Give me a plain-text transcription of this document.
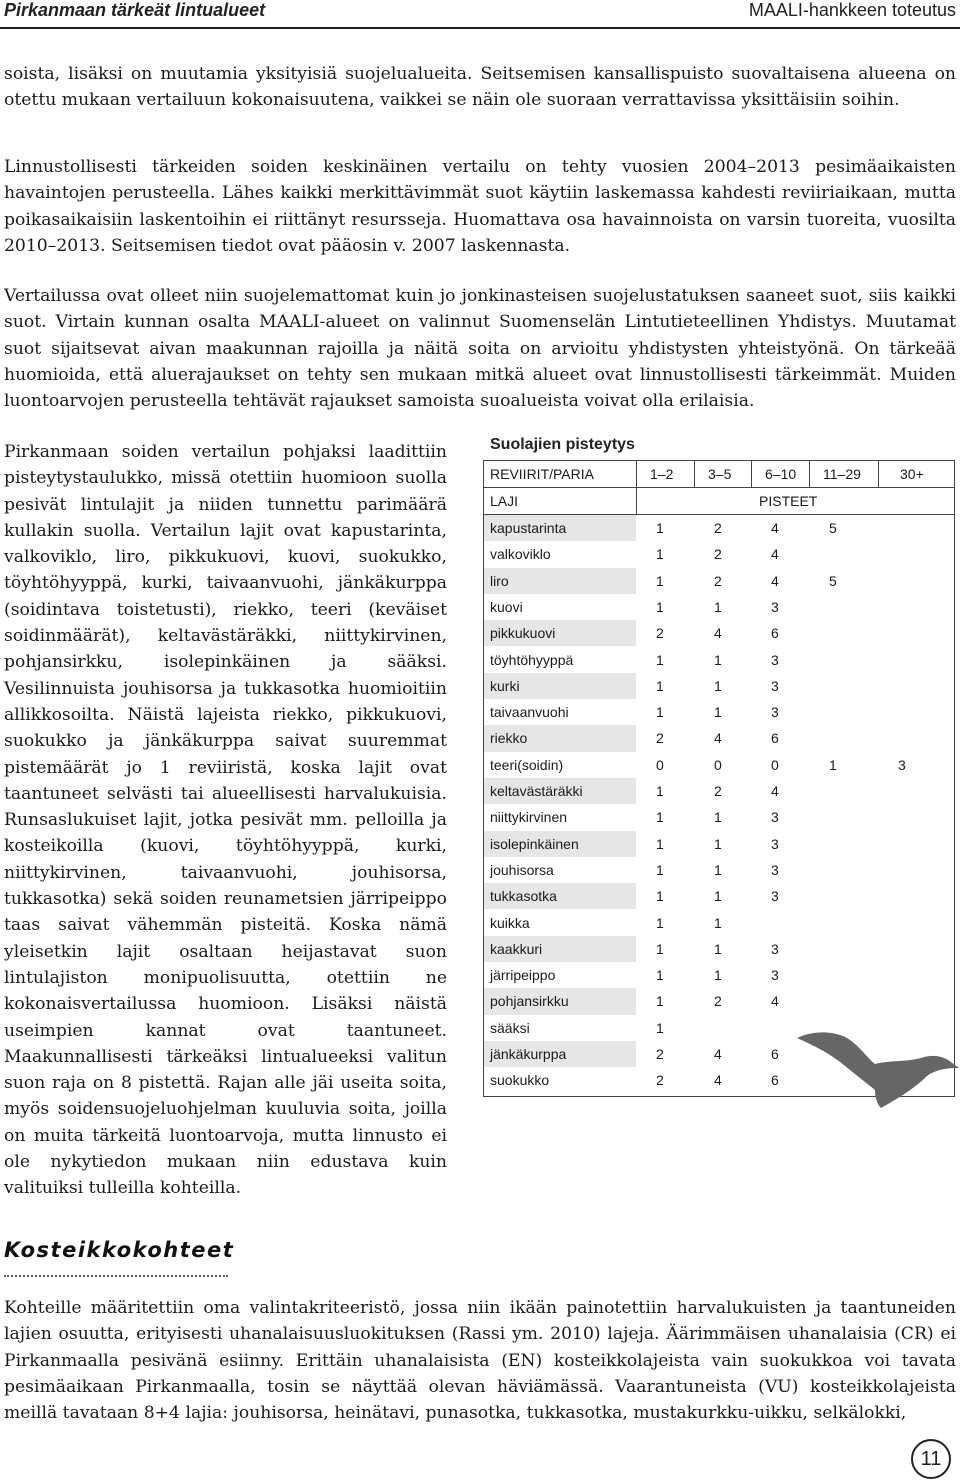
Pirkanmaan tärkeät lintualueet	MAALI-hankkeen toteutus

soista, lisäksi on muutamia yksityisiä suojelualueita. Seitsemisen kansallispuisto suovaltaisena alueena on otettu mukaan vertailuun kokonaisuutena, vaikkei se näin ole suoraan verrattavissa yksittäisiin soihin.

Linnustollisesti tärkeiden soiden keskinäinen vertailu on tehty vuosien 2004–2013 pesimäaikaisten havaintojen perusteella. Lähes kaikki merkittävimmät suot käytiin laskemassa kahdesti reviiriaikaan, mutta poikasaikaisiin laskentoihin ei riittänyt resursseja. Huomattava osa havainnoista on varsin tuoreita, vuosilta 2010–2013. Seitsemisen tiedot ovat pääosin v. 2007 laskennasta.

Vertailussa ovat olleet niin suojelemattomat kuin jo jonkinasteisen suojelustatuksen saaneet suot, siis kaikki suot. Virtain kunnan osalta MAALI-alueet on valinnut Suomenselän Lintutieteellinen Yhdistys. Muutamat suot sijaitsevat aivan maakunnan rajoilla ja näitä soita on arvioitu yhdistysten yhteistyönä. On tärkeää huomioida, että aluerajaukset on tehty sen mukaan mitkä alueet ovat linnustollisesti tärkeimmät. Muiden luontoarvojen perusteella tehtävät rajaukset samoista suoalueista voivat olla erilaisia.

Pirkanmaan soiden vertailun pohjaksi laadittiin pisteytystaulukko, missä otettiin huomioon suolla pesivät lintulajit ja niiden tunnettu parimäärä kullakin suolla. Vertailun lajit ovat kapustarinta, valkoviklo, liro, pikkukuovi, kuovi, suokukko, töyhtöhyyppä, kurki, taivaanvuohi, jänkäkurppa (soidintava toistetusti), riekko, teeri (keväiset soidinmäärät), keltavästäräkki, niittykirvinen, pohjansirkku, isolepinkäinen ja sääksi. Vesilinnuista jouhisorsa ja tukkasotka huomioitiin allikkosoilta. Näistä lajeista riekko, pikkukuovi, suokukko ja jänkäkurppa saivat suuremmat pistemäärät jo 1 reviiristä, koska lajit ovat taantuneet selvästi tai alueellisesti harvalukuisia. Runsaslukuiset lajit, jotka pesivät mm. pelloilla ja kosteikoilla (kuovi, töyhtöhyyppä, kurki, niittykirvinen, taivaanvuohi, jouhisorsa, tukkasotka) sekä soiden reunametsien järripeippo taas saivat vähemmän pisteitä. Koska nämä yleisetkin lajit osaltaan heijastavat suon lintulajiston monipuolisuutta, otettiin ne kokonaisvertailussa huomioon. Lisäksi näistä useimpien kannat ovat taantuneet. Maakunnallisesti tärkeäksi lintualueeksi valitun suon raja on 8 pistettä. Rajan alle jäi useita soita, myös soidensuojeluohjelman kuuluvia soita, joilla on muita tärkeitä luontoarvoja, mutta linnusto ei ole nykytiedon mukaan niin edustava kuin valituiksi tulleilla kohteilla.

Suolajien pisteytys
REVIIRIT/PARIA	1–2 3–5 6–10 11–29	30+
LAJI	PISTEET
kapustarinta	1	2	4	5
valkoviklo	1	2	4
liro	1	2	4	5
kuovi	1	1	3
pikkukuovi	2	4	6
töyhtöhyyppä	1	1	3
kurki	1	1	3
taivaanvuohi	1	1	3
riekko	2	4	6
teeri(soidin)	0	0	0	1	3
keltavästäräkki	1	2	4
niittykirvinen	1	1	3
isolepinkäinen	1	1	3
jouhisorsa	1	1	3
tukkasotka	1	1	3
kuikka	1	1
kaakkuri	1	1	3
järripeippo	1	1	3
pohjansirkku	1	2	4
sääksi	1
jänkäkurppa	2	4	6
suokukko	2	4	6
Kosteikkokohteet

Kohteille määritettiin oma valintakriteeristö, jossa niin ikään painotettiin harvalukuisten ja taantuneiden lajien osuutta, erityisesti uhanalaisuusluokituksen (Rassi ym. 2010) lajeja. Äärimmäisen uhanalaisia (CR) ei Pirkanmaalla pesivänä esiinny. Erittäin uhanalaisista (EN) kosteikkolajeista vain suokukkoa voi tavata pesimäaikaan Pirkanmaalla, tosin se näyttää olevan häviämässä. Vaarantuneista (VU) kosteikkolajeista meillä tavataan 8+4 lajia: jouhisorsa, heinätavi, punasotka, tukkasotka, mustakurkku-uikku, selkälokki,

11
